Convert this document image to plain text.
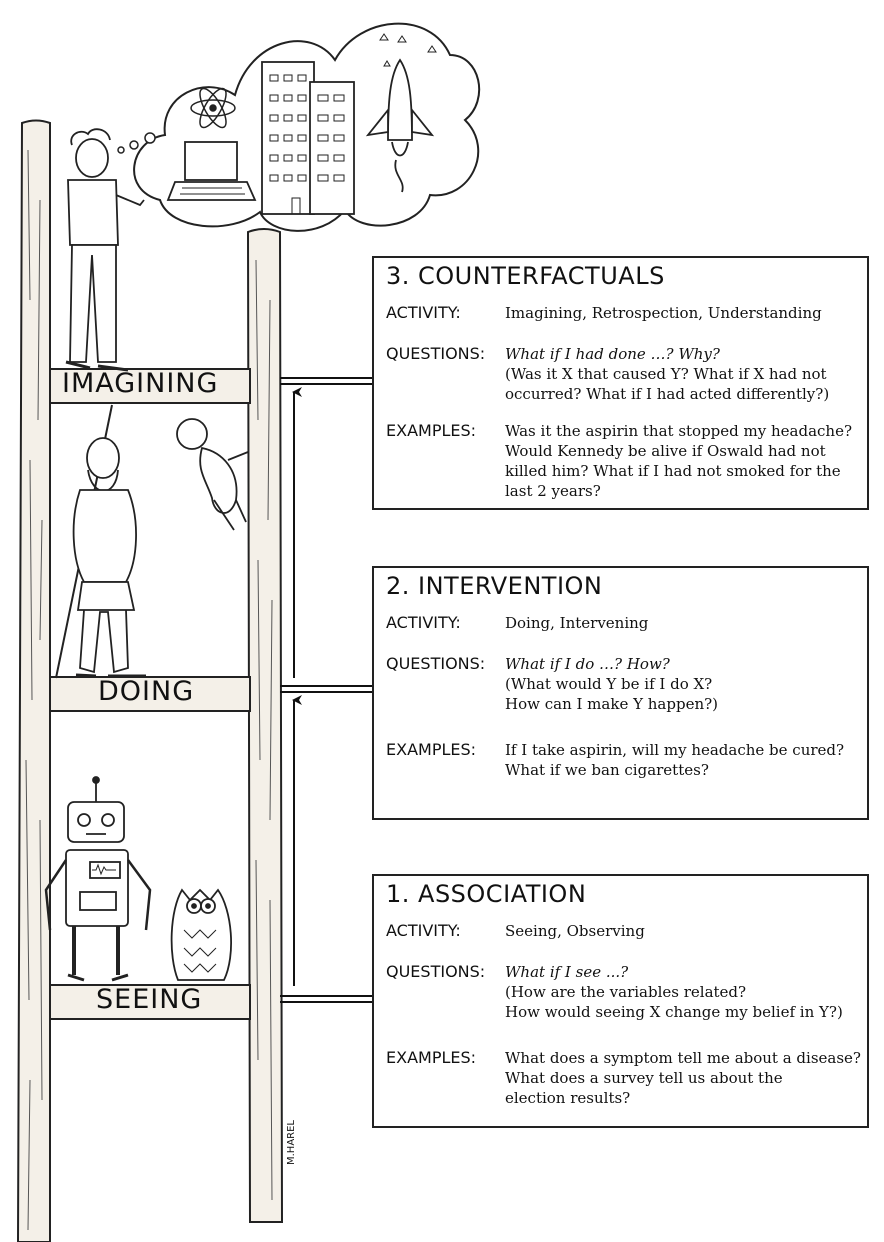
IMAGINING
DOING
SEEING
M.HAREL
3. COUNTERFACTUALS
ACTIVITY:	Imagining, Retrospection, Understanding
QUESTIONS: What if I had done …? Why?
(Was it X that caused Y? What if X had not
occurred? What if I had acted differently?)
EXAMPLES: Was it the aspirin that stopped my headache?
Would Kennedy be alive if Oswald had not
killed him? What if I had not smoked for the
last 2 years?
2. INTERVENTION
ACTIVITY:	Doing, Intervening
QUESTIONS: What if I do …? How?
(What would Y be if I do X?
How can I make Y happen?)
EXAMPLES: If I take aspirin, will my headache be cured?
What if we ban cigarettes?
1. ASSOCIATION
ACTIVITY:	Seeing, Observing
QUESTIONS: What if I see ...?
(How are the variables related?
How would seeing X change my belief in Y?)
EXAMPLES: What does a symptom tell me about a disease?
What does a survey tell us about the
election results?
